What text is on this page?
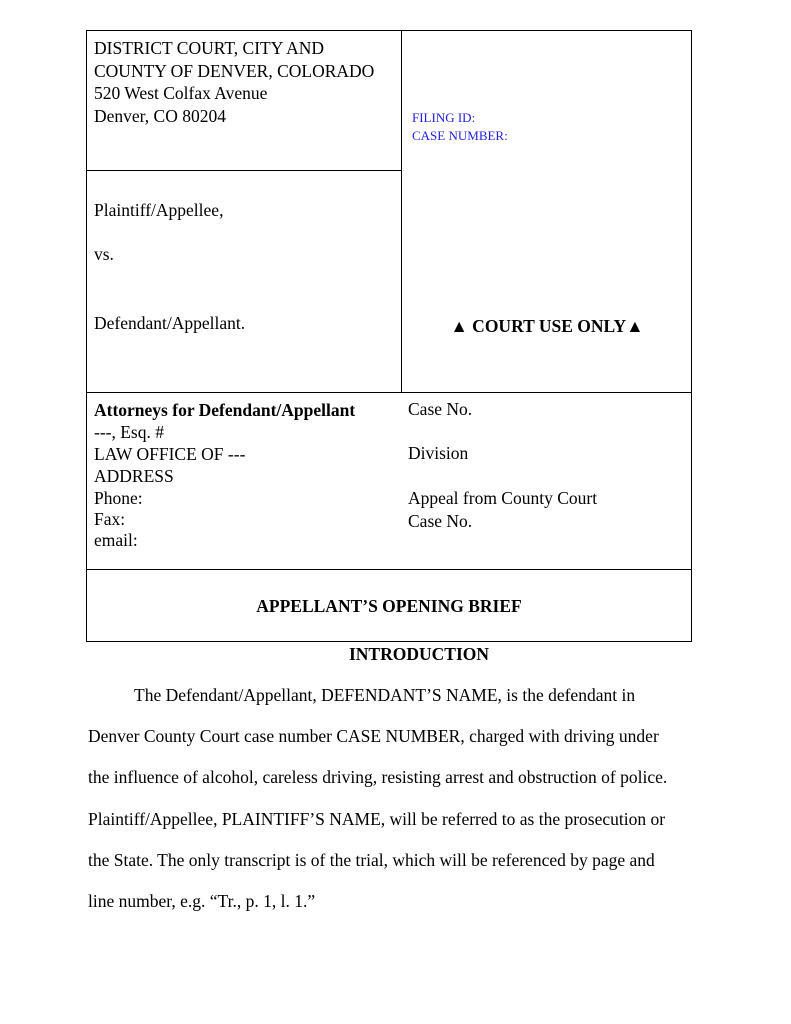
DISTRICT COURT, CITY AND
COUNTY OF DENVER, COLORADO
520 West Colfax Avenue
Denver, CO 80204	FILING ID:
CASE NUMBER:
Plaintiff/Appellee,
vs.
Defendant/Appellant.	▲ COURT USE ONLY▲
Attorneys for Defendant/Appellant
---, Esq. #
LAW OFFICE OF ---
ADDRESS
Phone:
Fax:
email:
Case No.
Division
Appeal from County Court
Case No.
APPELLANT’S OPENING BRIEF
INTRODUCTION
The Defendant/Appellant, DEFENDANT’S NAME, is the defendant in
Denver County Court case number CASE NUMBER, charged with driving under
the influence of alcohol, careless driving, resisting arrest and obstruction of police.
Plaintiff/Appellee, PLAINTIFF’S NAME, will be referred to as the prosecution or
the State. The only transcript is of the trial, which will be referenced by page and
line number, e.g. “Tr., p. 1, l. 1.”
